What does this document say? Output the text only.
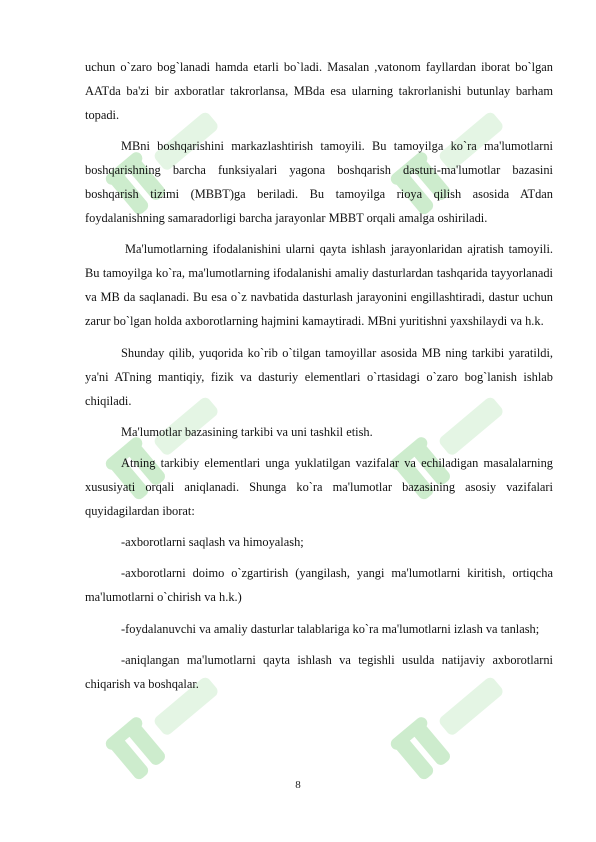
uchun o`zaro bog`lanadi hamda etarli bo`ladi. Masalan ,vatonom fayllardan iborat bo`lgan AATda ba'zi bir axboratlar takrorlansa, MBda esa ularning takrorlanishi butunlay barham topadi.

MBni boshqarishini markazlashtirish tamoyili. Bu tamoyilga ko`ra ma'lumotlarni boshqarishning barcha funksiyalari yagona boshqarish dasturi-ma'lumotlar bazasini boshqarish tizimi (MBBT)ga beriladi. Bu tamoyilga rioya qilish asosida ATdan foydalanishning samaradorligi barcha jarayonlar MBBT orqali amalga oshiriladi.

Ma'lumotlarning ifodalanishini ularni qayta ishlash jarayonlaridan ajratish tamoyili. Bu tamoyilga ko`ra, ma'lumotlarning ifodalanishi amaliy dasturlardan tashqarida tayyorlanadi va MB da saqlanadi. Bu esa o`z navbatida dasturlash jarayonini engillashtiradi, dastur uchun zarur bo`lgan holda axborotlarning hajmini kamaytiradi. MBni yuritishni yaxshilaydi va h.k.

Shunday qilib, yuqorida ko`rib o`tilgan tamoyillar asosida MB ning tarkibi yaratildi, ya'ni ATning mantiqiy, fizik va dasturiy elementlari o`rtasidagi o`zaro bog`lanish ishlab chiqiladi.

Ma'lumotlar bazasining tarkibi va uni tashkil etish.

Atning tarkibiy elementlari unga yuklatilgan vazifalar va echiladigan masalalarning xususiyati orqali aniqlanadi. Shunga ko`ra ma'lumotlar bazasining asosiy vazifalari quyidagilardan iborat:

-axborotlarni saqlash va himoyalash;

-axborotlarni doimo o`zgartirish (yangilash, yangi ma'lumotlarni kiritish, ortiqcha ma'lumotlarni o`chirish va h.k.)

-foydalanuvchi va amaliy dasturlar talablariga ko`ra ma'lumotlarni izlash va tanlash;

-aniqlangan ma'lumotlarni qayta ishlash va tegishli usulda natijaviy axborotlarni chiqarish va boshqalar.

8
